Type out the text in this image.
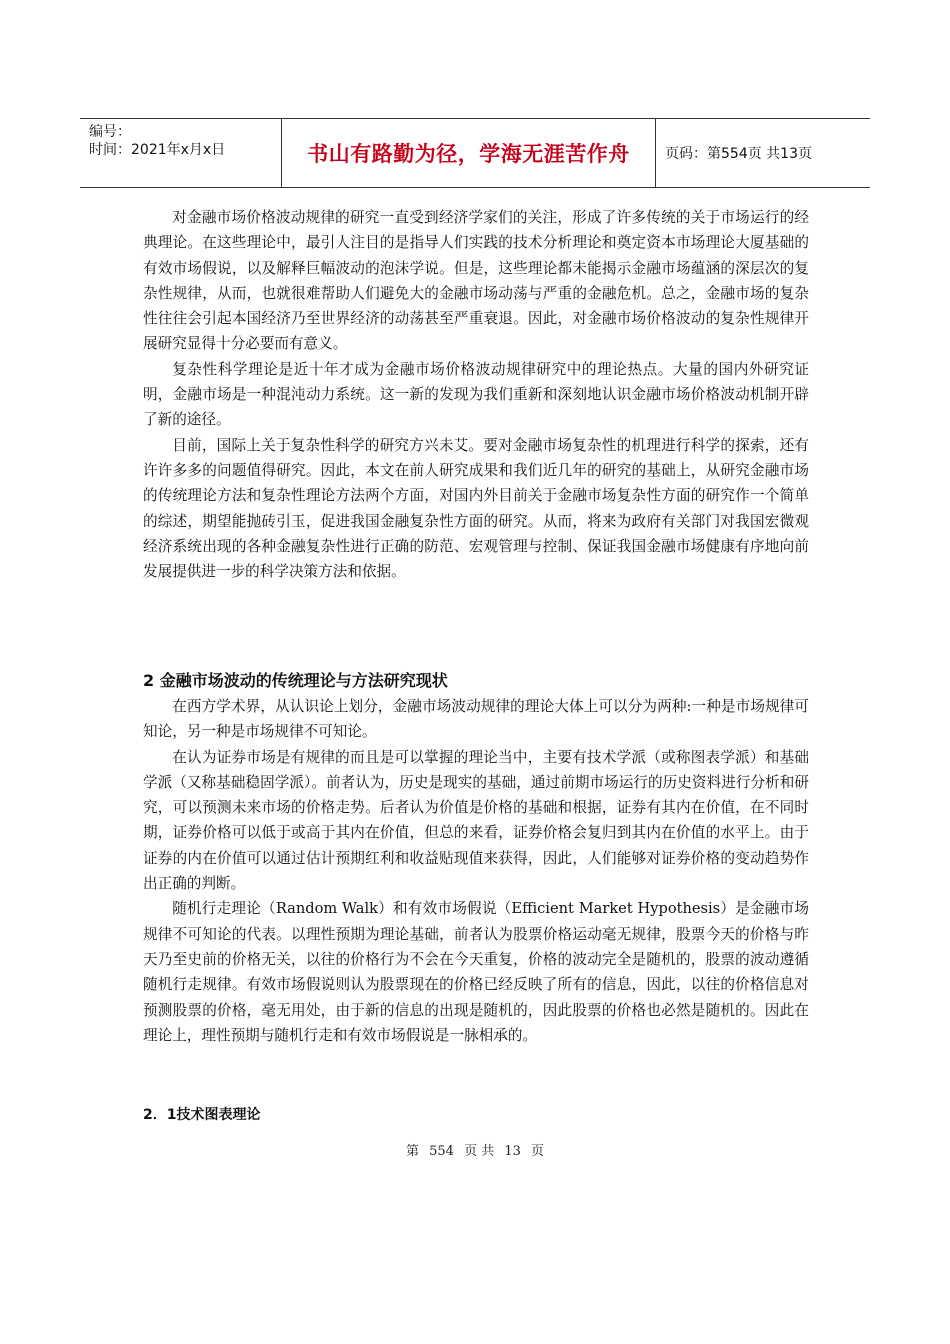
编号：
时间：2021年x月x日	书山有路勤为径，学海无涯苦作舟	页码：第554页 共13页

对金融市场价格波动规律的研究一直受到经济学家们的关注，形成了许多传统的关于市场运行的经典理论。在这些理论中，最引人注目的是指导人们实践的技术分析理论和奠定资本市场理论大厦基础的有效市场假说，以及解释巨幅波动的泡沫学说。但是，这些理论都未能揭示金融市场蕴涵的深层次的复杂性规律，从而，也就很难帮助人们避免大的金融市场动荡与严重的金融危机。总之，金融市场的复杂性往往会引起本国经济乃至世界经济的动荡甚至严重衰退。因此，对金融市场价格波动的复杂性规律开展研究显得十分必要而有意义。

复杂性科学理论是近十年才成为金融市场价格波动规律研究中的理论热点。大量的国内外研究证明，金融市场是一种混沌动力系统。这一新的发现为我们重新和深刻地认识金融市场价格波动机制开辟了新的途径。

目前，国际上关于复杂性科学的研究方兴未艾。要对金融市场复杂性的机理进行科学的探索，还有许许多多的问题值得研究。因此，本文在前人研究成果和我们近几年的研究的基础上，从研究金融市场的传统理论方法和复杂性理论方法两个方面，对国内外目前关于金融市场复杂性方面的研究作一个简单的综述，期望能抛砖引玉，促进我国金融复杂性方面的研究。从而，将来为政府有关部门对我国宏微观经济系统出现的各种金融复杂性进行正确的防范、宏观管理与控制、保证我国金融市场健康有序地向前发展提供进一步的科学决策方法和依据。

2 金融市场波动的传统理论与方法研究现状

在西方学术界，从认识论上划分，金融市场波动规律的理论大体上可以分为两种:一种是市场规律可知论，另一种是市场规律不可知论。

在认为证券市场是有规律的而且是可以掌握的理论当中，主要有技术学派（或称图表学派）和基础学派（又称基础稳固学派）。前者认为，历史是现实的基础，通过前期市场运行的历史资料进行分析和研究，可以预测未来市场的价格走势。后者认为价值是价格的基础和根据，证券有其内在价值，在不同时期，证券价格可以低于或高于其内在价值，但总的来看，证券价格会复归到其内在价值的水平上。由于证券的内在价值可以通过估计预期红利和收益贴现值来获得，因此，人们能够对证券价格的变动趋势作出正确的判断。

随机行走理论（Random Walk）和有效市场假说（Efficient Market Hypothesis）是金融市场规律不可知论的代表。以理性预期为理论基础，前者认为股票价格运动毫无规律，股票今天的价格与昨天乃至史前的价格无关，以往的价格行为不会在今天重复，价格的波动完全是随机的，股票的波动遵循随机行走规律。有效市场假说则认为股票现在的价格已经反映了所有的信息，因此，以往的价格信息对预测股票的价格，毫无用处，由于新的信息的出现是随机的，因此股票的价格也必然是随机的。因此在理论上，理性预期与随机行走和有效市场假说是一脉相承的。

2．1技术图表理论
第 554 页 共 13 页
